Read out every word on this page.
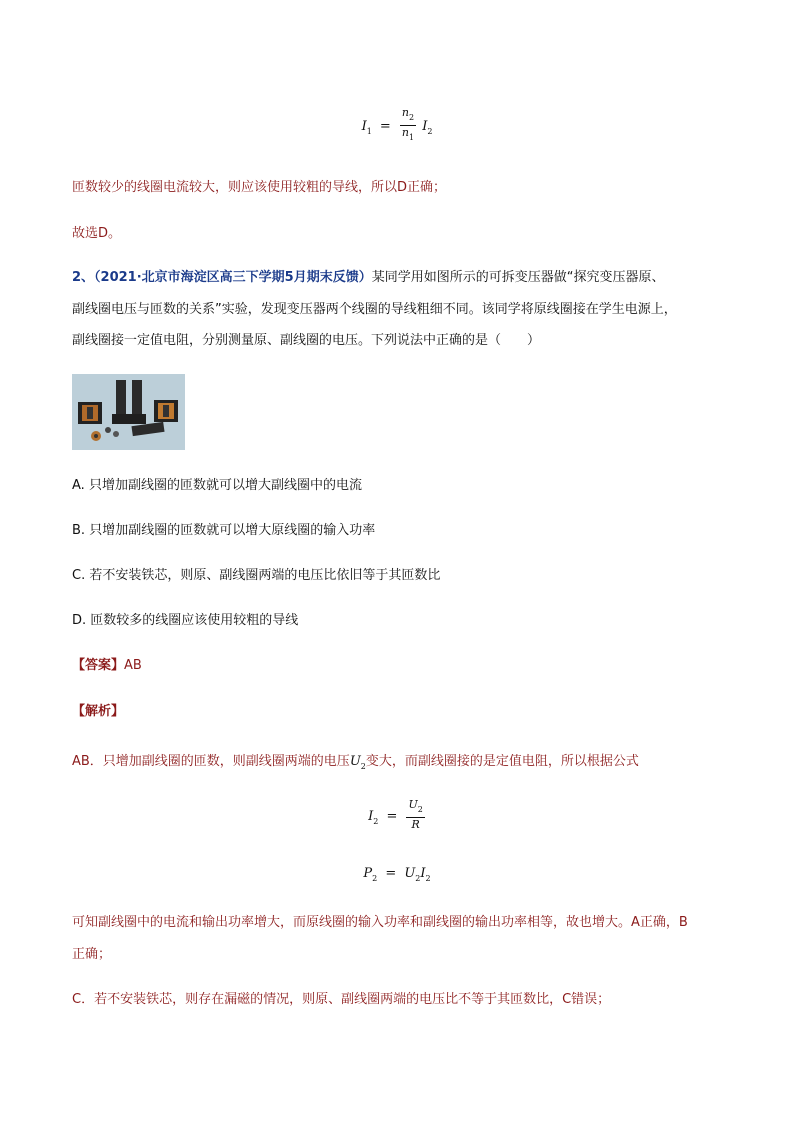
$I_1 = \frac{n_2}{n_1} I_2$
匝数较少的线圈电流较大，则应该使用较粗的导线，所以D正确；
故选D。
2、（2021·北京市海淀区高三下学期5月期末反馈）某同学用如图所示的可拆变压器做“探究变压器原、
副线圈电压与匝数的关系”实验，发现变压器两个线圈的导线粗细不同。该同学将原线圈接在学生电源上，
副线圈接一定值电阻，分别测量原、副线圈的电压。下列说法中正确的是（　　）
A. 只增加副线圈的匝数就可以增大副线圈中的电流
B. 只增加副线圈的匝数就可以增大原线圈的输入功率
C. 若不安装铁芯，则原、副线圈两端的电压比依旧等于其匝数比
D. 匝数较多的线圈应该使用较粗的导线
【答案】AB
【解析】
AB．只增加副线圈的匝数，则副线圈两端的电压$U_2$变大，而副线圈接的是定值电阻，所以根据公式
$I_2 = \frac{U_2}{R}$
$P_2 = U_2I_2$
可知副线圈中的电流和输出功率增大，而原线圈的输入功率和副线圈的输出功率相等，故也增大。A正确，B
正确；
C．若不安装铁芯，则存在漏磁的情况，则原、副线圈两端的电压比不等于其匝数比，C错误；
